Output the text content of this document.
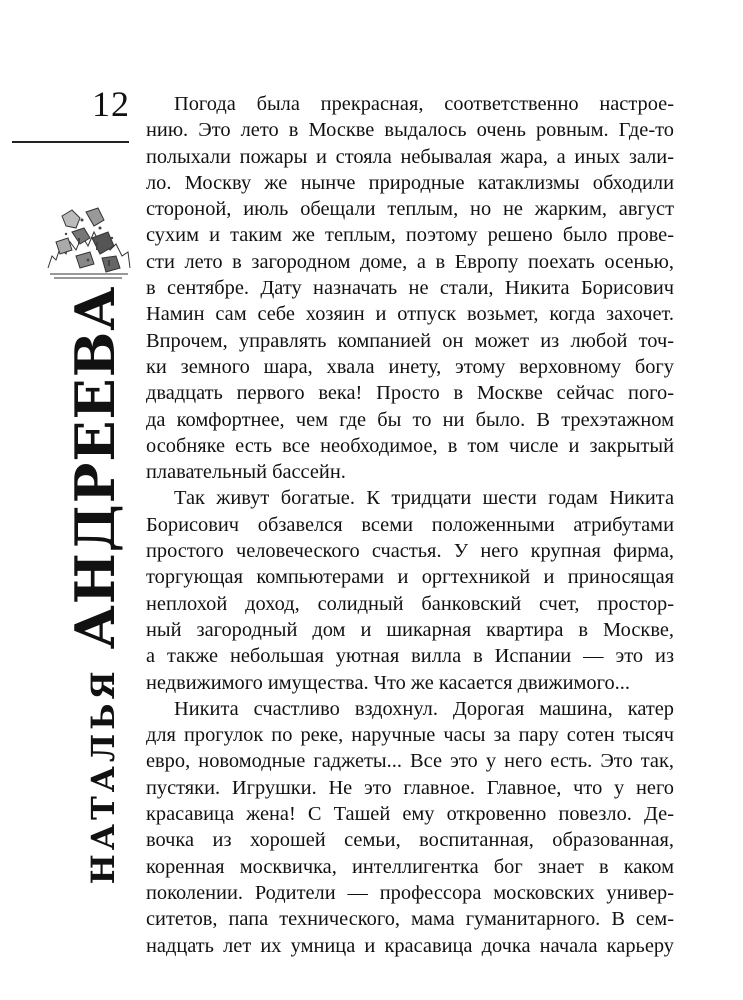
12
НАТАЛЬЯАНДРЕЕВА
Погода была прекрасная, соответственно настрое-
нию. Это лето в Москве выдалось очень ровным. Где-то
полыхали пожары и стояла небывалая жара, а иных зали-
ло. Москву же нынче природные катаклизмы обходили
стороной, июль обещали теплым, но не жарким, август
сухим и таким же теплым, поэтому решено было прове-
сти лето в загородном доме, а в Европу поехать осенью,
в сентябре. Дату назначать не стали, Никита Борисович
Намин сам себе хозяин и отпуск возьмет, когда захочет.
Впрочем, управлять компанией он может из любой точ-
ки земного шара, хвала инету, этому верховному богу
двадцать первого века! Просто в Москве сейчас пого-
да комфортнее, чем где бы то ни было. В трехэтажном
особняке есть все необходимое, в том числе и закрытый
плавательный бассейн.
Так живут богатые. К тридцати шести годам Никита
Борисович обзавелся всеми положенными атрибутами
простого человеческого счастья. У него крупная фирма,
торгующая компьютерами и оргтехникой и приносящая
неплохой доход, солидный банковский счет, простор-
ный загородный дом и шикарная квартира в Москве,
а также небольшая уютная вилла в Испании — это из
недвижимого имущества. Что же касается движимого...
Никита счастливо вздохнул. Дорогая машина, катер
для прогулок по реке, наручные часы за пару сотен тысяч
евро, новомодные гаджеты... Все это у него есть. Это так,
пустяки. Игрушки. Не это главное. Главное, что у него
красавица жена! С Ташей ему откровенно повезло. Де-
вочка из хорошей семьи, воспитанная, образованная,
коренная москвичка, интеллигентка бог знает в каком
поколении. Родители — профессора московских универ-
ситетов, папа технического, мама гуманитарного. В сем-
надцать лет их умница и красавица дочка начала карьеру
